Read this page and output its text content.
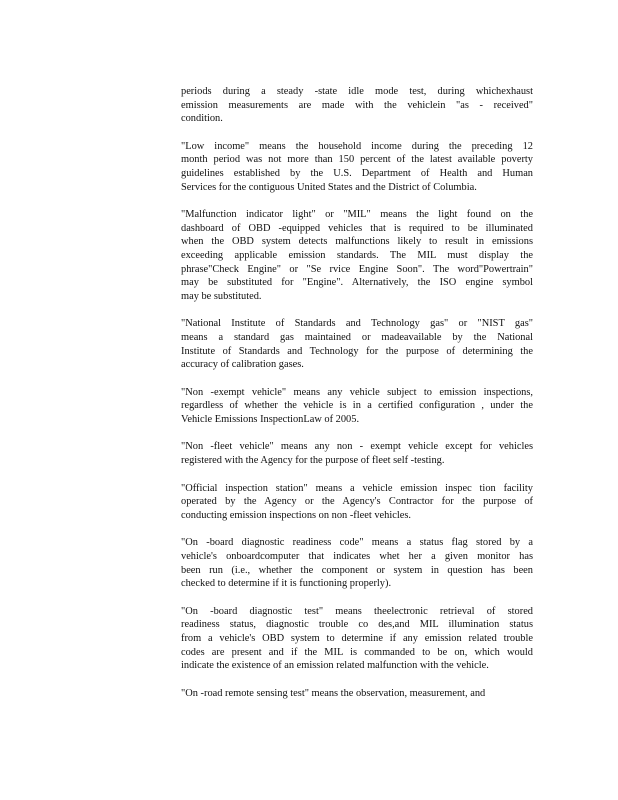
periods during a steady -state idle mode test, during whichexhaust
emission measurements are made with the vehiclein "as - received"
condition.
"Low income" means the household income during the preceding 12
month period was not more than 150 percent of the latest available poverty
guidelines established by the U.S. Department of Health and Human
Services for the contiguous United States and the District of Columbia.
"Malfunction indicator light" or "MIL" means the light found on the
dashboard of OBD -equipped vehicles that is required to be illuminated
when the OBD system detects malfunctions likely to result in emissions
exceeding applicable emission standards. The MIL must display the
phrase"Check Engine" or "Se rvice Engine Soon". The word"Powertrain"
may be substituted for "Engine". Alternatively, the ISO engine symbol
may be substituted.
"National Institute of Standards and Technology gas" or "NIST gas"
means a standard gas maintained or madeavailable by the National
Institute of Standards and Technology for the purpose of determining the
accuracy of calibration gases.
"Non -exempt vehicle" means any vehicle subject to emission inspections,
regardless of whether the vehicle is in a certified configuration , under the
Vehicle Emissions InspectionLaw of 2005.
"Non -fleet vehicle" means any non - exempt vehicle except for vehicles
registered with the Agency for the purpose of fleet self -testing.
"Official inspection station" means a vehicle emission inspec tion facility
operated by the Agency or the Agency's Contractor for the purpose of
conducting emission inspections on non -fleet vehicles.
"On -board diagnostic readiness code" means a status flag stored by a
vehicle's onboardcomputer that indicates whet her a given monitor has
been run (i.e., whether the component or system in question has been
checked to determine if it is functioning properly).
"On -board diagnostic test" means theelectronic retrieval of stored
readiness status, diagnostic trouble co des,and MIL illumination status
from a vehicle's OBD system to determine if any emission related trouble
codes are present and if the MIL is commanded to be on, which would
indicate the existence of an emission related malfunction with the vehicle.
"On -road remote sensing test" means the observation, measurement, and
